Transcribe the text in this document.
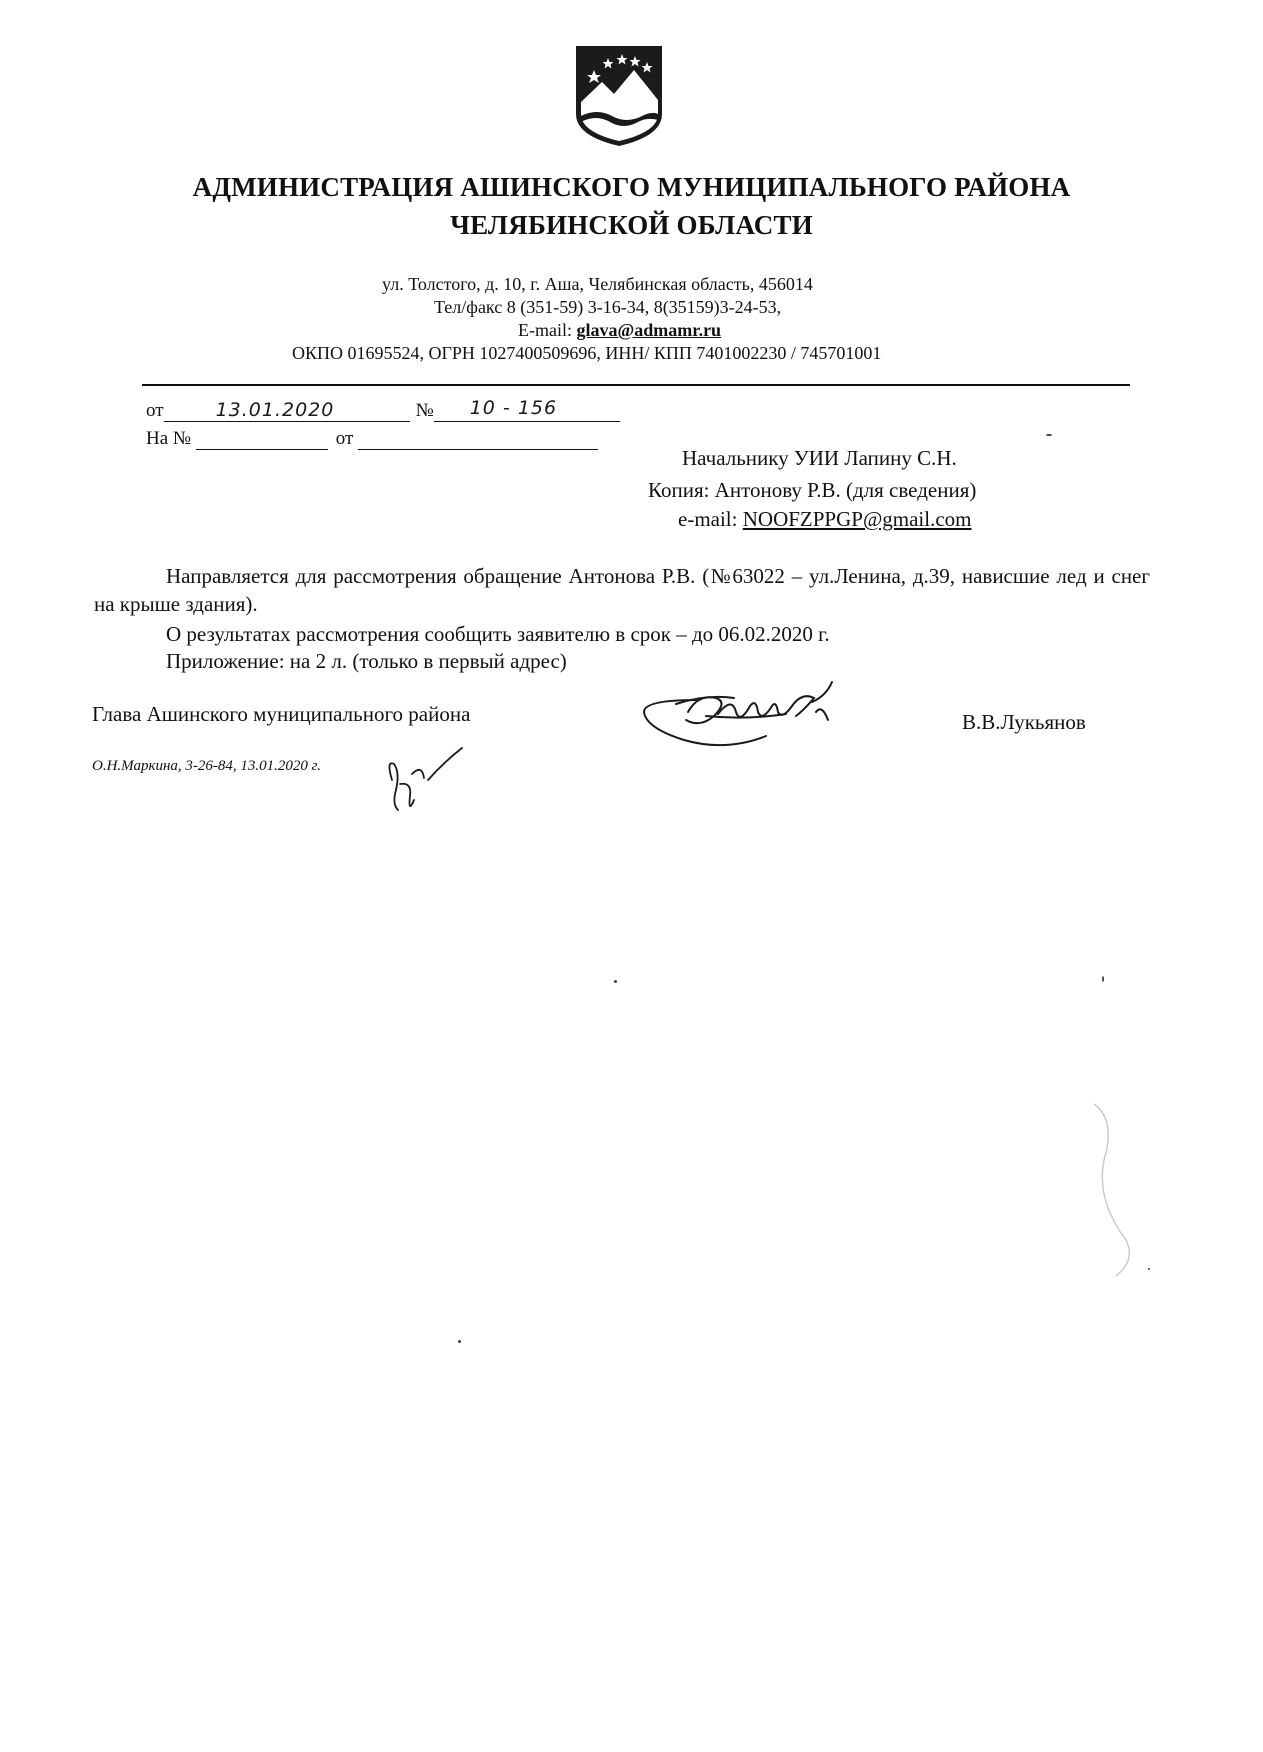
АДМИНИСТРАЦИЯ АШИНСКОГО МУНИЦИПАЛЬНОГО РАЙОНА
ЧЕЛЯБИНСКОЙ ОБЛАСТИ
ул. Толстого, д. 10, г. Аша, Челябинская область, 456014
Тел/факс 8 (351-59) 3-16-34, 8(35159)3-24-53,
E-mail: glava@admamr.ru
ОКПО 01695524, ОГРН 1027400509696, ИНН/ КПП 7401002230 / 745701001
от	13.01.2020	№ 10 - 156
На №	от
Начальнику УИИ Лапину С.Н.
Копия: Антонову Р.В. (для сведения)
e-mail: NOOFZPPGP@gmail.com
Направляется для рассмотрения обращение Антонова Р.В. (№63022 – ул.Ленина, д.39, нависшие лед и снег на крыше здания).
О результатах рассмотрения сообщить заявителю в срок – до 06.02.2020 г.
Приложение: на 2 л. (только в первый адрес)
Глава Ашинского муниципального района	В.В.Лукьянов
О.Н.Маркина, 3-26-84, 13.01.2020 г.
